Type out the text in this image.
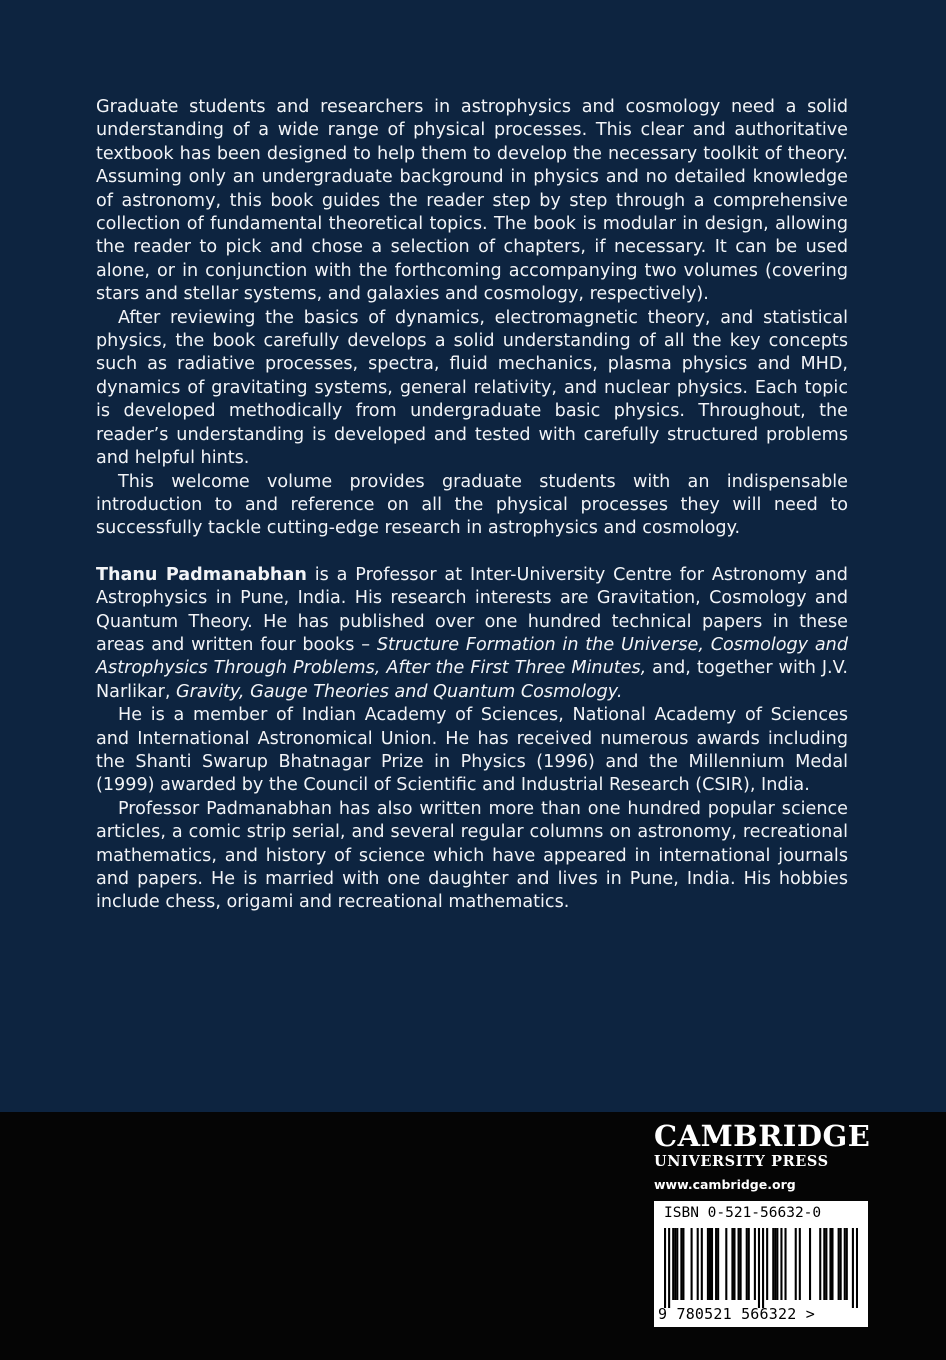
Graduate students and researchers in astrophysics and cosmology need a solid understanding of a wide range of physical processes. This clear and authoritative textbook has been designed to help them to develop the necessary toolkit of theory. Assuming only an undergraduate background in physics and no detailed knowledge of astronomy, this book guides the reader step by step through a comprehensive collection of fundamental theoretical topics. The book is modular in design, allowing the reader to pick and chose a selection of chapters, if necessary. It can be used alone, or in conjunction with the forthcoming accompanying two volumes (covering stars and stellar systems, and galaxies and cosmology, respectively).

After reviewing the basics of dynamics, electromagnetic theory, and statistical physics, the book carefully develops a solid understanding of all the key concepts such as radiative processes, spectra, fluid mechanics, plasma physics and MHD, dynamics of gravitating systems, general relativity, and nuclear physics. Each topic is developed methodically from undergraduate basic physics. Throughout, the reader’s understanding is developed and tested with carefully structured problems and helpful hints.

This welcome volume provides graduate students with an indispensable introduction to and reference on all the physical processes they will need to successfully tackle cutting-edge research in astrophysics and cosmology.

Thanu Padmanabhan is a Professor at Inter-University Centre for Astronomy and Astrophysics in Pune, India. His research interests are Gravitation, Cosmology and Quantum Theory. He has published over one hundred technical papers in these areas and written four books – Structure Formation in the Universe, Cosmology and Astrophysics Through Problems, After the First Three Minutes, and, together with J.V. Narlikar, Gravity, Gauge Theories and Quantum Cosmology.

He is a member of Indian Academy of Sciences, National Academy of Sciences and International Astronomical Union. He has received numerous awards including the Shanti Swarup Bhatnagar Prize in Physics (1996) and the Millennium Medal (1999) awarded by the Council of Scientific and Industrial Research (CSIR), India.

Professor Padmanabhan has also written more than one hundred popular science articles, a comic strip serial, and several regular columns on astronomy, recreational mathematics, and history of science which have appeared in international journals and papers. He is married with one daughter and lives in Pune, India. His hobbies include chess, origami and recreational mathematics.

CAMBRIDGE
UNIVERSITY PRESS
www.cambridge.org
ISBN 0-521-56632-0
9 780521 566322 >
